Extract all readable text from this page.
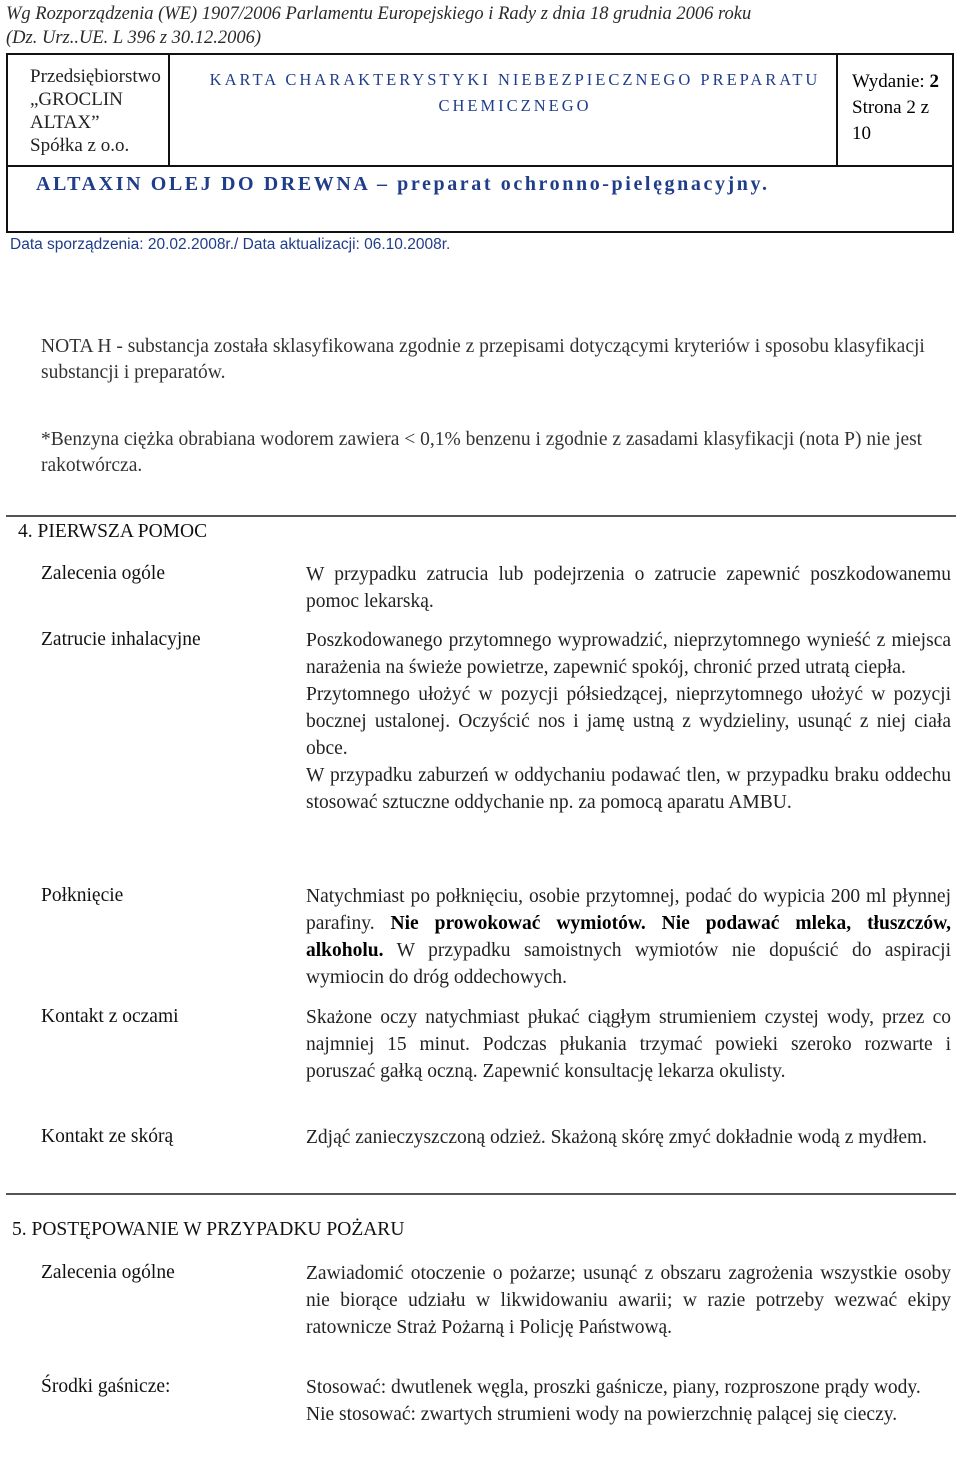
Wg Rozporządzenia (WE) 1907/2006 Parlamentu Europejskiego i Rady z dnia 18 grudnia 2006 roku
(Dz. Urz..UE. L 396 z 30.12.2006)
Przedsiębiorstwo
„GROCLIN
ALTAX”
Spółka z o.o.
KARTA CHARAKTERYSTYKI NIEBEZPIECZNEGO PREPARATU
CHEMICZNEGO
Wydanie: 2
Strona 2 z
10
ALTAXIN OLEJ DO DREWNA – preparat ochronno-pielęgnacyjny.
Data sporządzenia: 20.02.2008r./ Data aktualizacji: 06.10.2008r.
NOTA H - substancja została sklasyfikowana zgodnie z przepisami dotyczącymi kryteriów i sposobu klasyfikacji substancji i preparatów.
*Benzyna ciężka obrabiana wodorem zawiera < 0,1% benzenu i zgodnie z zasadami klasyfikacji (nota P) nie jest rakotwórcza.
4. PIERWSZA POMOC
Zalecenia ogóle	W przypadku zatrucia lub podejrzenia o zatrucie zapewnić poszkodowanemu pomoc lekarską.
Zatrucie inhalacyjne	Poszkodowanego przytomnego wyprowadzić, nieprzytomnego wynieść z miejsca narażenia na świeże powietrze, zapewnić spokój, chronić przed utratą ciepła.

Przytomnego ułożyć w pozycji półsiedzącej, nieprzytomnego ułożyć w pozycji bocznej ustalonej. Oczyścić nos i jamę ustną z wydzieliny, usunąć z niej ciała obce.

W przypadku zaburzeń w oddychaniu podawać tlen, w przypadku braku oddechu stosować sztuczne oddychanie np. za pomocą aparatu AMBU.

Połknięcie	Natychmiast po połknięciu, osobie przytomnej, podać do wypicia 200 ml płynnej parafiny. Nie prowokować wymiotów. Nie podawać mleka, tłuszczów, alkoholu. W przypadku samoistnych wymiotów nie dopuścić do aspiracji wymiocin do dróg oddechowych.
Kontakt z oczami	Skażone oczy natychmiast płukać ciągłym strumieniem czystej wody, przez co najmniej 15 minut. Podczas płukania trzymać powieki szeroko rozwarte i poruszać gałką oczną. Zapewnić konsultację lekarza okulisty.
Kontakt ze skórą	Zdjąć zanieczyszczoną odzież. Skażoną skórę zmyć dokładnie wodą z mydłem.
5. POSTĘPOWANIE W PRZYPADKU POŻARU
Zalecenia ogólne	Zawiadomić otoczenie o pożarze; usunąć z obszaru zagrożenia wszystkie osoby nie biorące udziału w likwidowaniu awarii; w razie potrzeby wezwać ekipy ratownicze Straż Pożarną i Policję Państwową.
Środki gaśnicze:	Stosować: dwutlenek węgla, proszki gaśnicze, piany, rozproszone prądy wody.

Nie stosować: zwartych strumieni wody na powierzchnię palącej się cieczy.
